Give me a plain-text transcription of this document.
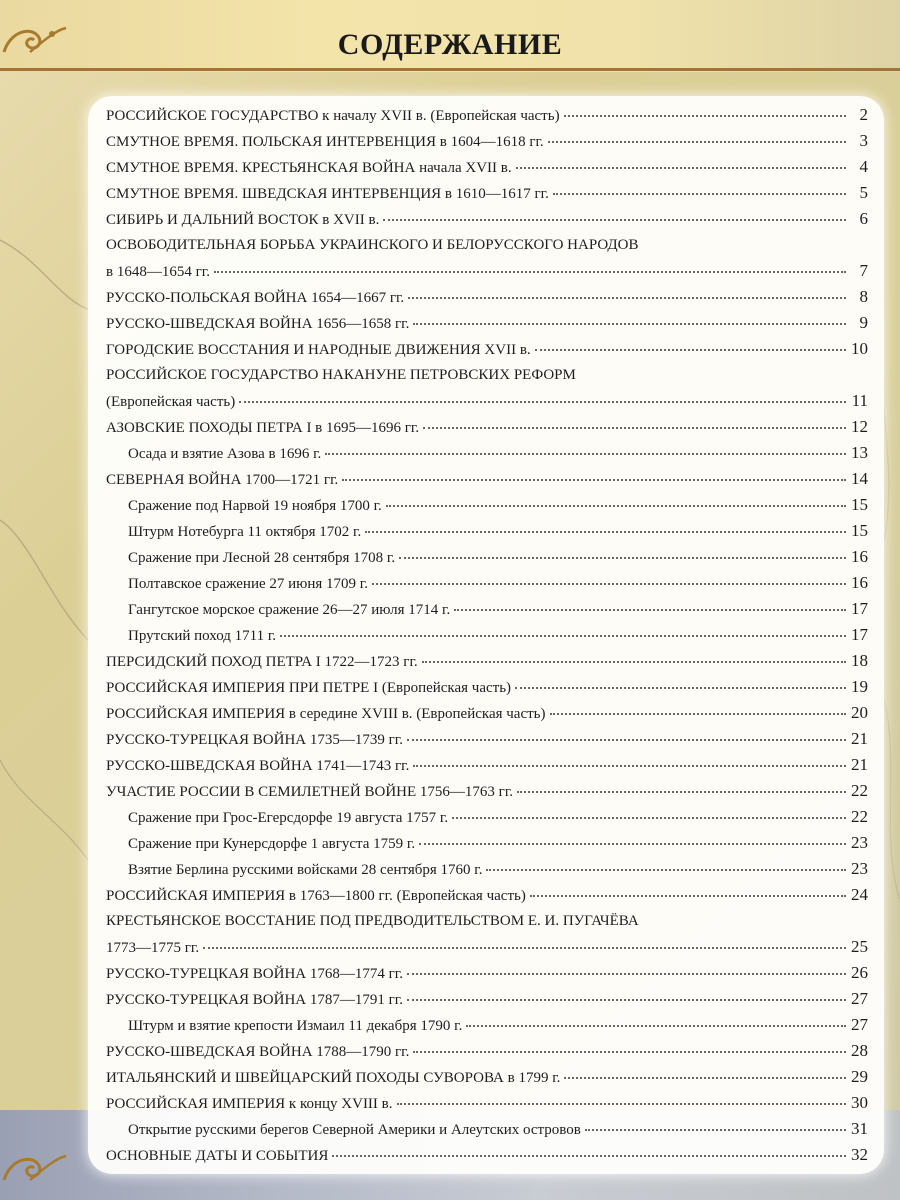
СОДЕРЖАНИЕ
РОССИЙСКОЕ ГОСУДАРСТВО к началу XVII в. (Европейская часть)	2
СМУТНОЕ ВРЕМЯ. ПОЛЬСКАЯ ИНТЕРВЕНЦИЯ в 1604—1618 гг.	3
СМУТНОЕ ВРЕМЯ. КРЕСТЬЯНСКАЯ ВОЙНА начала XVII в.	4
СМУТНОЕ ВРЕМЯ. ШВЕДСКАЯ ИНТЕРВЕНЦИЯ в 1610—1617 гг.	5
СИБИРЬ И ДАЛЬНИЙ ВОСТОК в XVII в.	6
ОСВОБОДИТЕЛЬНАЯ БОРЬБА УКРАИНСКОГО И БЕЛОРУССКОГО НАРОДОВ
в 1648—1654 гг.	7
РУССКО-ПОЛЬСКАЯ ВОЙНА 1654—1667 гг.	8
РУССКО-ШВЕДСКАЯ ВОЙНА 1656—1658 гг.	9
ГОРОДСКИЕ ВОССТАНИЯ И НАРОДНЫЕ ДВИЖЕНИЯ XVII в.	10
РОССИЙСКОЕ ГОСУДАРСТВО НАКАНУНЕ ПЕТРОВСКИХ РЕФОРМ
(Европейская часть)	11
АЗОВСКИЕ ПОХОДЫ ПЕТРА I в 1695—1696 гг.	12
Осада и взятие Азова в 1696 г.	13
СЕВЕРНАЯ ВОЙНА 1700—1721 гг.	14
Сражение под Нарвой 19 ноября 1700 г.	15
Штурм Нотебурга 11 октября 1702 г.	15
Сражение при Лесной 28 сентября 1708 г.	16
Полтавское сражение 27 июня 1709 г.	16
Гангутское морское сражение 26—27 июля 1714 г.	17
Прутский поход 1711 г.	17
ПЕРСИДСКИЙ ПОХОД ПЕТРА I 1722—1723 гг.	18
РОССИЙСКАЯ ИМПЕРИЯ ПРИ ПЕТРЕ I (Европейская часть)	19
РОССИЙСКАЯ ИМПЕРИЯ в середине XVIII в. (Европейская часть)	20
РУССКО-ТУРЕЦКАЯ ВОЙНА 1735—1739 гг.	21
РУССКО-ШВЕДСКАЯ ВОЙНА 1741—1743 гг.	21
УЧАСТИЕ РОССИИ В СЕМИЛЕТНЕЙ ВОЙНЕ 1756—1763 гг.	22
Сражение при Грос-Егерсдорфе 19 августа 1757 г.	22
Сражение при Кунерсдорфе 1 августа 1759 г.	23
Взятие Берлина русскими войсками 28 сентября 1760 г.	23
РОССИЙСКАЯ ИМПЕРИЯ в 1763—1800 гг. (Европейская часть)	24
КРЕСТЬЯНСКОЕ ВОССТАНИЕ ПОД ПРЕДВОДИТЕЛЬСТВОМ Е. И. ПУГАЧЁВА
1773—1775 гг.	25
РУССКО-ТУРЕЦКАЯ ВОЙНА 1768—1774 гг.	26
РУССКО-ТУРЕЦКАЯ ВОЙНА 1787—1791 гг.	27
Штурм и взятие крепости Измаил 11 декабря 1790 г.	27
РУССКО-ШВЕДСКАЯ ВОЙНА 1788—1790 гг.	28
ИТАЛЬЯНСКИЙ И ШВЕЙЦАРСКИЙ ПОХОДЫ СУВОРОВА в 1799 г.	29
РОССИЙСКАЯ ИМПЕРИЯ к концу XVIII в.	30
Открытие русскими берегов Северной Америки и Алеутских островов	31
ОСНОВНЫЕ ДАТЫ И СОБЫТИЯ	32
